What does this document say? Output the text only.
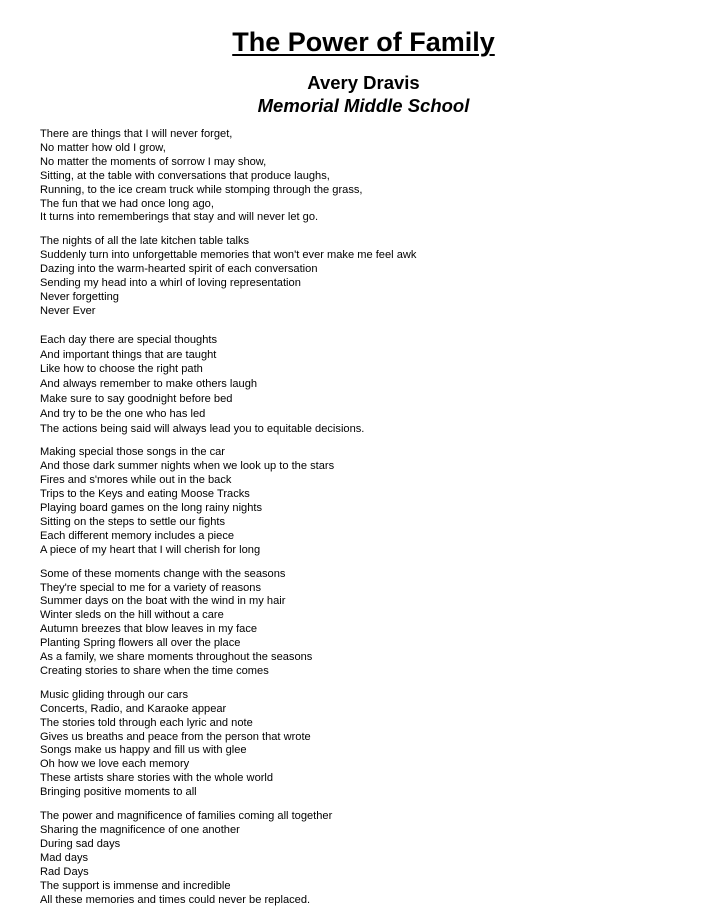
The Power of Family
Avery Dravis
Memorial Middle School
There are things that I will never forget,
No matter how old I grow,
No matter the moments of sorrow I may show,
Sitting, at the table with conversations that produce laughs,
Running, to the ice cream truck while stomping through the grass,
The fun that we had once long ago,
It turns into rememberings that stay and will never let go.
The nights of all the late kitchen table talks
Suddenly turn into unforgettable memories that won't ever make me feel awk
Dazing into the warm-hearted spirit of each conversation
Sending my head into a whirl of loving representation
Never forgetting
Never Ever
Each day there are special thoughts
And important things that are taught
Like how to choose the right path
And always remember to make others laugh
Make sure to say goodnight before bed
And try to be the one who has led
The actions being said will always lead you to equitable decisions.
Making special those songs in the car
And those dark summer nights when we look up to the stars
Fires and s'mores while out in the back
Trips to the Keys and eating Moose Tracks
Playing board games on the long rainy nights
Sitting on the steps to settle our fights
Each different memory includes a piece
A piece of my heart that I will cherish for long
Some of these moments change with the seasons
They're special to me for a variety of reasons
Summer days on the boat with the wind in my hair
Winter sleds on the hill without a care
Autumn breezes that blow leaves in my face
Planting Spring flowers all over the place
As a family, we share moments throughout the seasons
Creating stories to share when the time comes
Music gliding through our cars
Concerts, Radio, and Karaoke appear
The stories told through each lyric and note
Gives us breaths and peace from the person that wrote
Songs make us happy and fill us with glee
Oh how we love each memory
These artists share stories with the whole world
Bringing positive moments to all
The power and magnificence of families coming all together
Sharing the magnificence of one another
During sad days
Mad days
Rad Days
The support is immense and incredible
All these memories and times could never be replaced.
